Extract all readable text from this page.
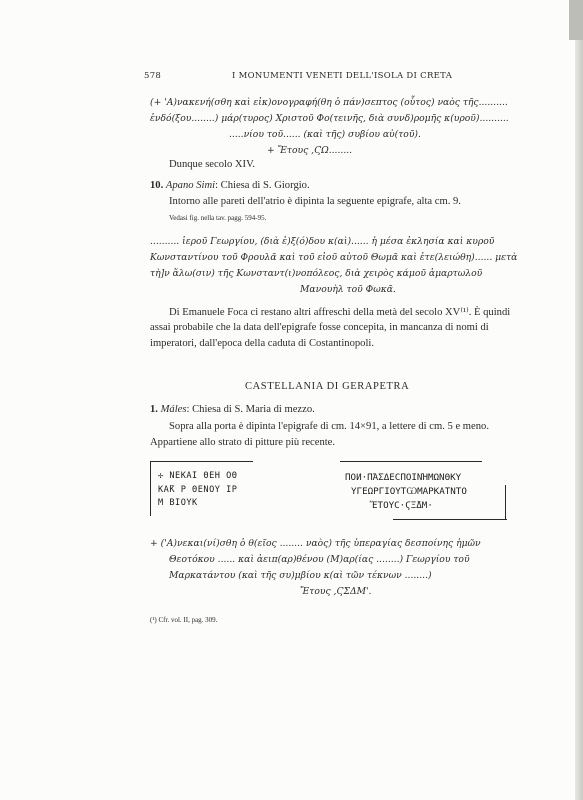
578	I MONUMENTI VENETI DELL'ISOLA DI CRETA
(+ 'Α)νακενή(σθη καὶ εἰκ)ονογραφή(θη ὁ πάν)σεπτος (οὗτος) ναὸς τῆς..........
ἐνδό(ξου........) μάρ(τυρος) Χριστοῦ Φο(τεινῆς, διὰ συνδ)ρομῆς κ(υροῦ)..........
.....νίου τοῦ...... (καὶ τῆς) συβίου αὐ(τοῦ).
+ Ἔτους ,ϚΩ........
Dunque secolo XIV.
10. Apano Simi: Chiesa di S. Giorgio.
Intorno alle pareti dell'atrio è dipinta la seguente epigrafe, alta cm. 9.
Vedasi fig. nella tav. pagg. 594-95.
.......... ἱεροῦ Γεωργίου, (διὰ ἐ)ξ(ό)δου κ(αὶ)...... ἡ μέσα ἐκλησία καὶ κυροῦ
Κωνσταντίνου τοῦ Φρουλᾶ καὶ τοῦ εἰοῦ αὐτοῦ Θωμᾶ καὶ ἐτε(λειώθη)...... μετὰ
τὴ]ν ἅλω(σιν) τῆς Κωνσταντ(ι)νοπόλεος, διὰ χειρὸς κάμοῦ ἁμαρτωλοῦ
Μανουὴλ τοῦ Φωκᾶ.
Di Emanuele Foca ci restano altri affreschi della metà del secolo XV⁽¹⁾. È quindi
assai probabile che la data dell'epigrafe fosse concepita, in mancanza di nomi di
imperatori, dall'epoca della caduta di Costantinopoli.
CASTELLANIA DI GERAPETRA
1. Máles: Chiesa di S. Maria di mezzo.
Sopra alla porta è dipinta l'epigrafe di cm. 14×91, a lettere di cm. 5 e meno.
Appartiene allo strato di pitture più recente.
✢ ΝΕΚΑΙ ΘΕΗ ΟΘ
ΚΑ̃Κ Ρ ΘΕΝΟΥ ΙΡ
Μ ΒΙΟΥΚ
ΠΟͶ·ΠΆΣΔΕϹΠΟΙΝΉΜΩΝΘΚΥ
ΥΓΕΩΡΓΙΟΥΤѠΜΑΡΚΑΤΝΤΟ
ἜΤΟΥϹ·ϚΞ̃ΔΜ·
+ ('Α)νεκαι(νί)σθη ὁ θ(εῖος ........ ναὸς) τῆς ὑπεραγίας δεσποίνης ἡμῶν
Θεοτόκου ...... καὶ ἀειπ(αρ)θένου (Μ)αρ(ίας ........) Γεωργίου τοῦ
Μαρκατάντου (καὶ τῆς συ)μβίου κ(αὶ τῶν τέκνων ........)
Ἔτους ,ϚΣΔΜ'.
(¹) Cfr. vol. II, pag. 309.
